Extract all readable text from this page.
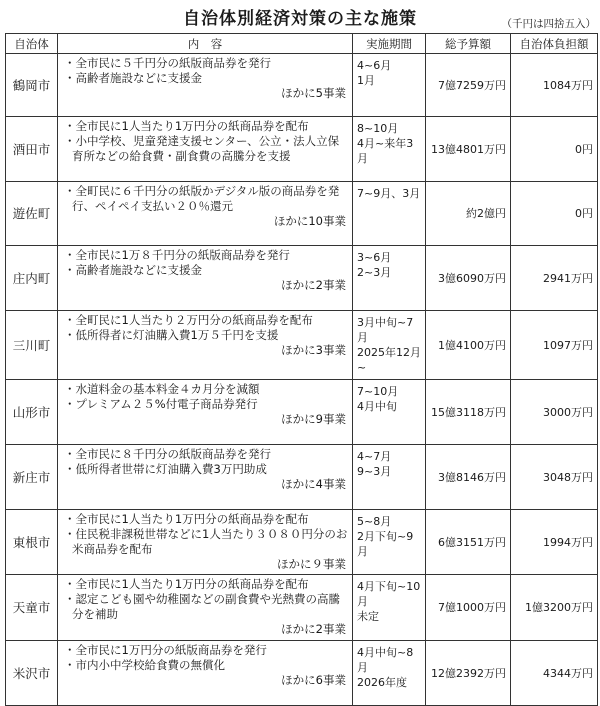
自治体別経済対策の主な施策	（千円は四捨五入）
自治体	内　容	実施期間	総予算額	自治体負担額
鶴岡市	・全市民に５千円分の紙版商品券を発行
・高齢者施設などに支援金
ほかに5事業	4~6月
1月	7億7259万円	1084万円
酒田市	・全市民に1人当たり1万円分の紙商品券を配布
・小中学校、児童発達支援センター、公立・法人立保育所などの給食費・副食費の高騰分を支援	8~10月
4月~来年3月	13億4801万円	0円
遊佐町	・全町民に６千円分の紙版かデジタル版の商品券を発行、ペイペイ支払い２０％還元
ほかに10事業	7~9月、3月	約2億円	0円
庄内町	・全市民に1万８千円分の紙版商品券を発行
・高齢者施設などに支援金
ほかに2事業	3~6月
2~3月	3億6090万円	2941万円
三川町	・全町民に1人当たり２万円分の紙商品券を配布
・低所得者に灯油購入費1万５千円を支援
ほかに3事業	3月中旬~7月
2025年12月~	1億4100万円	1097万円
山形市	・水道料金の基本料金４カ月分を減額
・プレミアム２５%付電子商品券発行
ほかに9事業	7~10月
4月中旬	15億3118万円	3000万円
新庄市	・全市民に８千円分の紙版商品券を発行
・低所得者世帯に灯油購入費3万円助成
ほかに4事業	4~7月
9~3月	3億8146万円	3048万円
東根市	・全市民に1人当たり1万円分の紙商品券を配布
・住民税非課税世帯などに1人当たり３０８０円分のお米商品券を配布
ほかに９事業	5~8月
2月下旬~9月	6億3151万円	1994万円
天童市	・全市民に1人当たり1万円分の紙商品券を配布
・認定こども園や幼稚園などの副食費や光熱費の高騰分を補助
ほかに2事業	4月下旬~10月
未定	7億1000万円	1億3200万円
米沢市	・全市民に1万円分の紙版商品券を発行
・市内小中学校給食費の無償化
ほかに6事業	4月中旬~8月
2026年度	12億2392万円	4344万円
